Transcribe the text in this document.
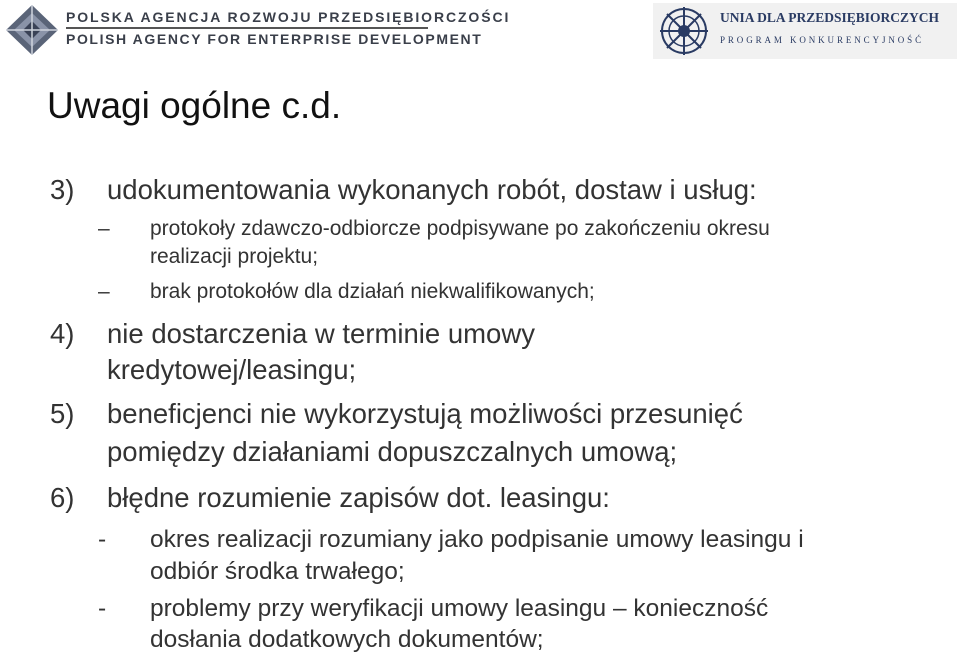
POLSKA AGENCJA ROZWOJU PRZEDSIĘBIORCZOŚCI
POLISH AGENCY FOR ENTERPRISE DEVELOPMENT
UNIA DLA PRZEDSIĘBIORCZYCH
PROGRAM KONKURENCYJNOŚĆ
Uwagi ogólne c.d.
3) udokumentowania wykonanych robót, dostaw i usług:
– protokoły zdawczo-odbiorcze podpisywane po zakończeniu okresu
realizacji projektu;
– brak protokołów dla działań niekwalifikowanych;
4) nie dostarczenia w terminie umowy
kredytowej/leasingu;
5) beneficjenci nie wykorzystują możliwości przesunięć
pomiędzy działaniami dopuszczalnych umową;
6) błędne rozumienie zapisów dot. leasingu:
- okres realizacji rozumiany jako podpisanie umowy leasingu i
odbiór środka trwałego;
- problemy przy weryfikacji umowy leasingu – konieczność
dosłania dodatkowych dokumentów;
